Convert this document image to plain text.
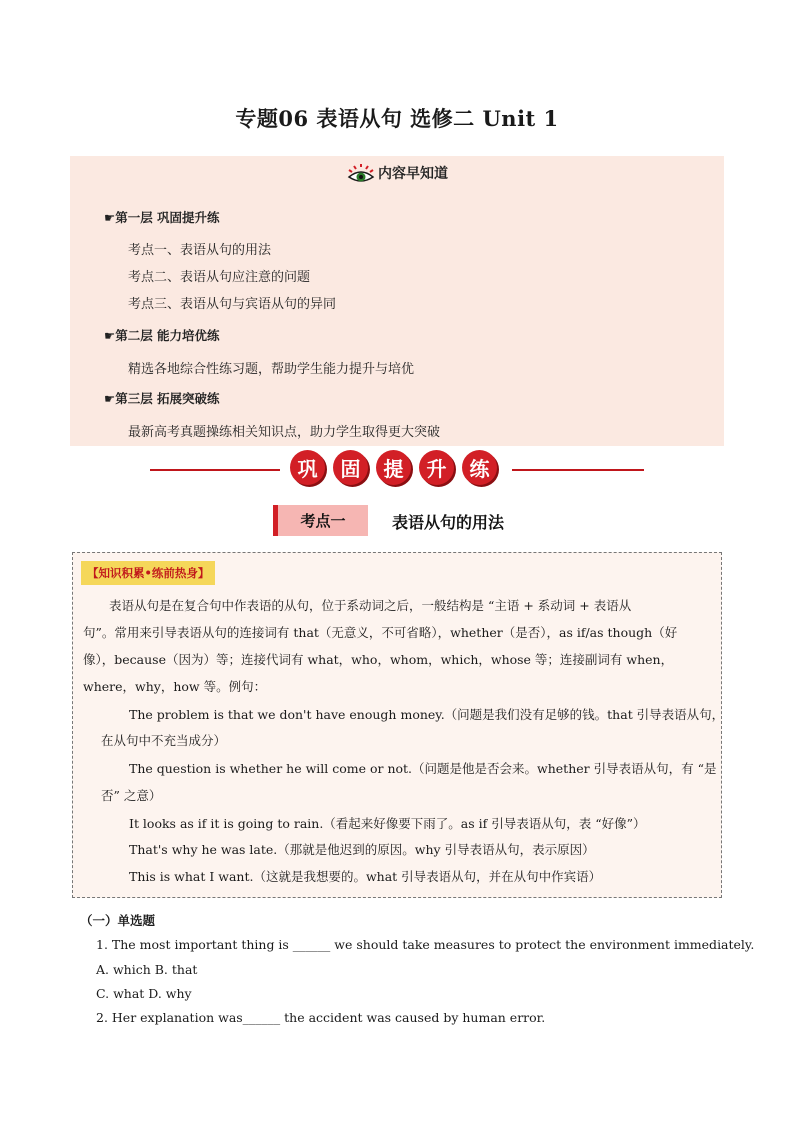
专题06 表语从句 选修二 Unit 1
内容早知道
☛第一层 巩固提升练
考点一、表语从句的用法
考点二、表语从句应注意的问题
考点三、表语从句与宾语从句的异同
☛第二层 能力培优练
精选各地综合性练习题，帮助学生能力提升与培优
☛第三层 拓展突破练
最新高考真题操练相关知识点，助力学生取得更大突破
巩	固	提	升	练
考点一	表语从句的用法
【知识积累•练前热身】
表语从句是在复合句中作表语的从句，位于系动词之后，一般结构是 “主语 + 系动词 + 表语从
句”。常用来引导表语从句的连接词有 that（无意义，不可省略），whether（是否），as if/as though（好
像），because（因为）等；连接代词有 what，who，whom，which，whose 等；连接副词有 when，
where，why，how 等。例句：
The problem is that we don't have enough money.（问题是我们没有足够的钱。that 引导表语从句，
在从句中不充当成分）
The question is whether he will come or not.（问题是他是否会来。whether 引导表语从句，有 “是
否” 之意）
It looks as if it is going to rain.（看起来好像要下雨了。as if 引导表语从句，表 “好像”）
That's why he was late.（那就是他迟到的原因。why 引导表语从句，表示原因）
This is what I want.（这就是我想要的。what 引导表语从句，并在从句中作宾语）
（一）单选题
1. The most important thing is ______ we should take measures to protect the environment immediately.
A. which B. that
C. what D. why
2. Her explanation was______ the accident was caused by human error.
